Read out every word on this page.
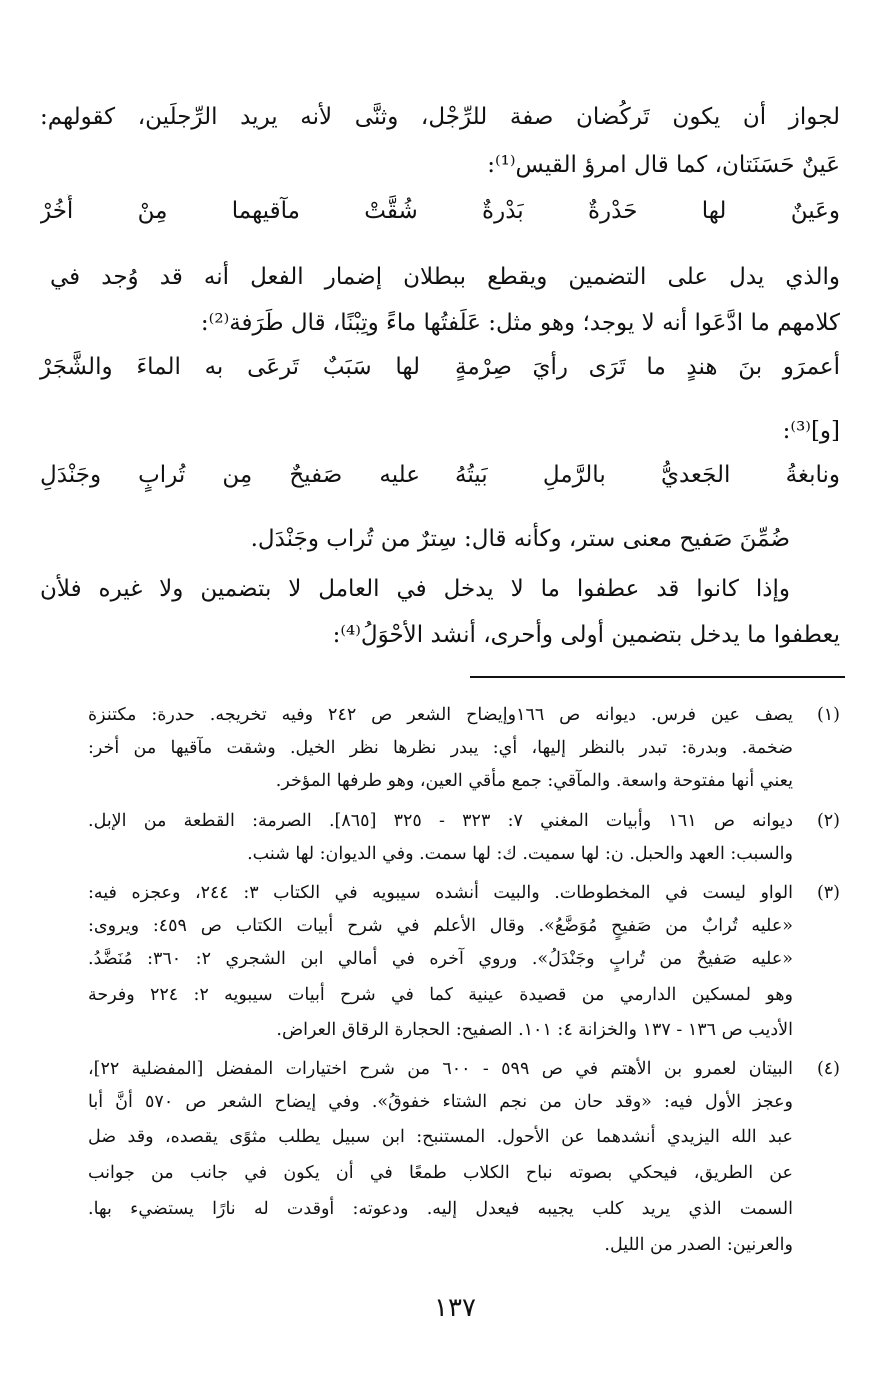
لجواز أن يكون تَركُضان صفة للرِّجْل، وثنَّى لأنه يريد الرِّجلَين، كقولهم:
عَينٌ حَسَنَتان، كما قال امرؤ القيس⁽¹⁾:
وعَينٌ لها حَدْرةٌ بَدْرةٌ شُقَّتْ مآقيهما مِنْ أُخُرْ
والذي يدل على التضمين ويقطع ببطلان إضمار الفعل أنه قد وُجد في
كلامهم ما ادَّعَوا أنه لا يوجد؛ وهو مثل: عَلَفتُها ماءً وتِبْنًا، قال طَرَفة⁽²⁾:
أعمرَو بنَ هندٍ ما تَرَى رأيَ صِرْمةٍ
لها سَبَبٌ تَرعَى به الماءَ والشَّجَرْ
[و]⁽³⁾:
ونابغةُ الجَعديُّ بالرَّملِ بَيتُهُ
عليه صَفيحٌ مِن تُرابٍ وجَنْدَلِ
ضُمِّنَ صَفيح معنى ستر، وكأنه قال: سِترٌ من تُراب وجَنْدَل.
وإذا كانوا قد عطفوا ما لا يدخل في العامل لا بتضمين ولا غيره فلأن
يعطفوا ما يدخل بتضمين أولى وأحرى، أنشد الأحْوَلُ⁽⁴⁾:
(١)
يصف عين فرس. ديوانه ص ١٦٦وإيضاح الشعر ص ٢٤٢ وفيه تخريجه. حدرة: مكتنزة
ضخمة. وبدرة: تبدر بالنظر إليها، أي: يبدر نظرها نظر الخيل. وشقت مآقيها من أخر:
يعني أنها مفتوحة واسعة. والمآقي: جمع مأقي العين، وهو طرفها المؤخر.
(٢)
ديوانه ص ١٦١ وأبيات المغني ٧: ٣٢٣ - ٣٢٥ [٨٦٥]. الصرمة: القطعة من الإبل.
والسبب: العهد والحبل. ن: لها سميت. ك: لها سمت. وفي الديوان: لها شنب.
(٣)
الواو ليست في المخطوطات. والبيت أنشده سيبويه في الكتاب ٣: ٢٤٤، وعجزه فيه:
«عليه تُرابٌ من صَفيحٍ مُوَضَّعُ». وقال الأعلم في شرح أبيات الكتاب ص ٤٥٩: ويروى:
«عليه صَفيحٌ من تُرابٍ وجَنْدَلُ». وروي آخره في أمالي ابن الشجري ٢: ٣٦٠: مُنَضَّدُ.
وهو لمسكين الدارمي من قصيدة عينية كما في شرح أبيات سيبويه ٢: ٢٢٤ وفرحة
الأديب ص ١٣٦ - ١٣٧ والخزانة ٤: ١٠١. الصفيح: الحجارة الرقاق العراض.
(٤)
البيتان لعمرو بن الأهتم في ص ٥٩٩ - ٦٠٠ من شرح اختيارات المفضل [المفضلية ٢٢]،
وعجز الأول فيه: «وقد حان من نجم الشتاء خفوقُ». وفي إيضاح الشعر ص ٥٧٠ أنَّ أبا
عبد الله اليزيدي أنشدهما عن الأحول. المستنبح: ابن سبيل يطلب مثوًى يقصده، وقد ضل
عن الطريق، فيحكي بصوته نباح الكلاب طمعًا في أن يكون في جانب من جوانب
السمت الذي يريد كلب يجيبه فيعدل إليه. ودعوته: أوقدت له نارًا يستضيء بها.
والعرنين: الصدر من الليل.
١٣٧
